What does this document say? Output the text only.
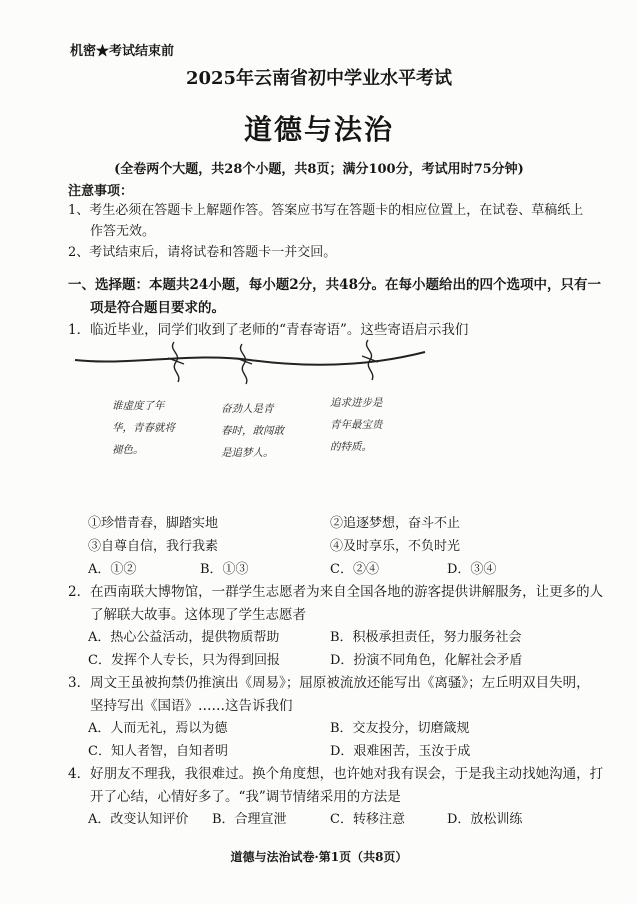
机密★考试结束前
2025年云南省初中学业水平考试
道德与法治
(全卷两个大题，共28个小题，共8页；满分100分，考试用时75分钟)
注意事项：
1、考生必须在答题卡上解题作答。答案应书写在答题卡的相应位置上，在试卷、草稿纸上
作答无效。
2、考试结束后，请将试卷和答题卡一并交回。
一、选择题：本题共24小题，每小题2分，共48分。在每小题给出的四个选项中，只有一
项是符合题目要求的。
1．临近毕业，同学们收到了老师的“青春寄语”。这些寄语启示我们
谁虚度了年
华，青春就将
褪色。
奋劲人是青
春时，敢闯敢
是追梦人。
追求进步是
青年最宝贵
的特质。
①珍惜青春，脚踏实地	②追逐梦想，奋斗不止
③自尊自信，我行我素	④及时享乐，不负时光
A．①②	B．①③	C．②④	D．③④
2．在西南联大博物馆，一群学生志愿者为来自全国各地的游客提供讲解服务，让更多的人
了解联大故事。这体现了学生志愿者
A．热心公益活动，提供物质帮助	B．积极承担责任，努力服务社会
C．发挥个人专长，只为得到回报	D．扮演不同角色，化解社会矛盾
3．周文王虽被拘禁仍推演出《周易》；屈原被流放还能写出《离骚》；左丘明双目失明，
坚持写出《国语》……这告诉我们
A．人而无礼，焉以为德	B．交友投分，切磨箴规
C．知人者智，自知者明	D．艰难困苦，玉汝于成
4．好朋友不理我，我很难过。换个角度想，也许她对我有误会，于是我主动找她沟通，打
开了心结，心情好多了。“我”调节情绪采用的方法是
A．改变认知评价 B．合理宣泄	C．转移注意	D．放松训练
道德与法治试卷·第1页（共8页）
